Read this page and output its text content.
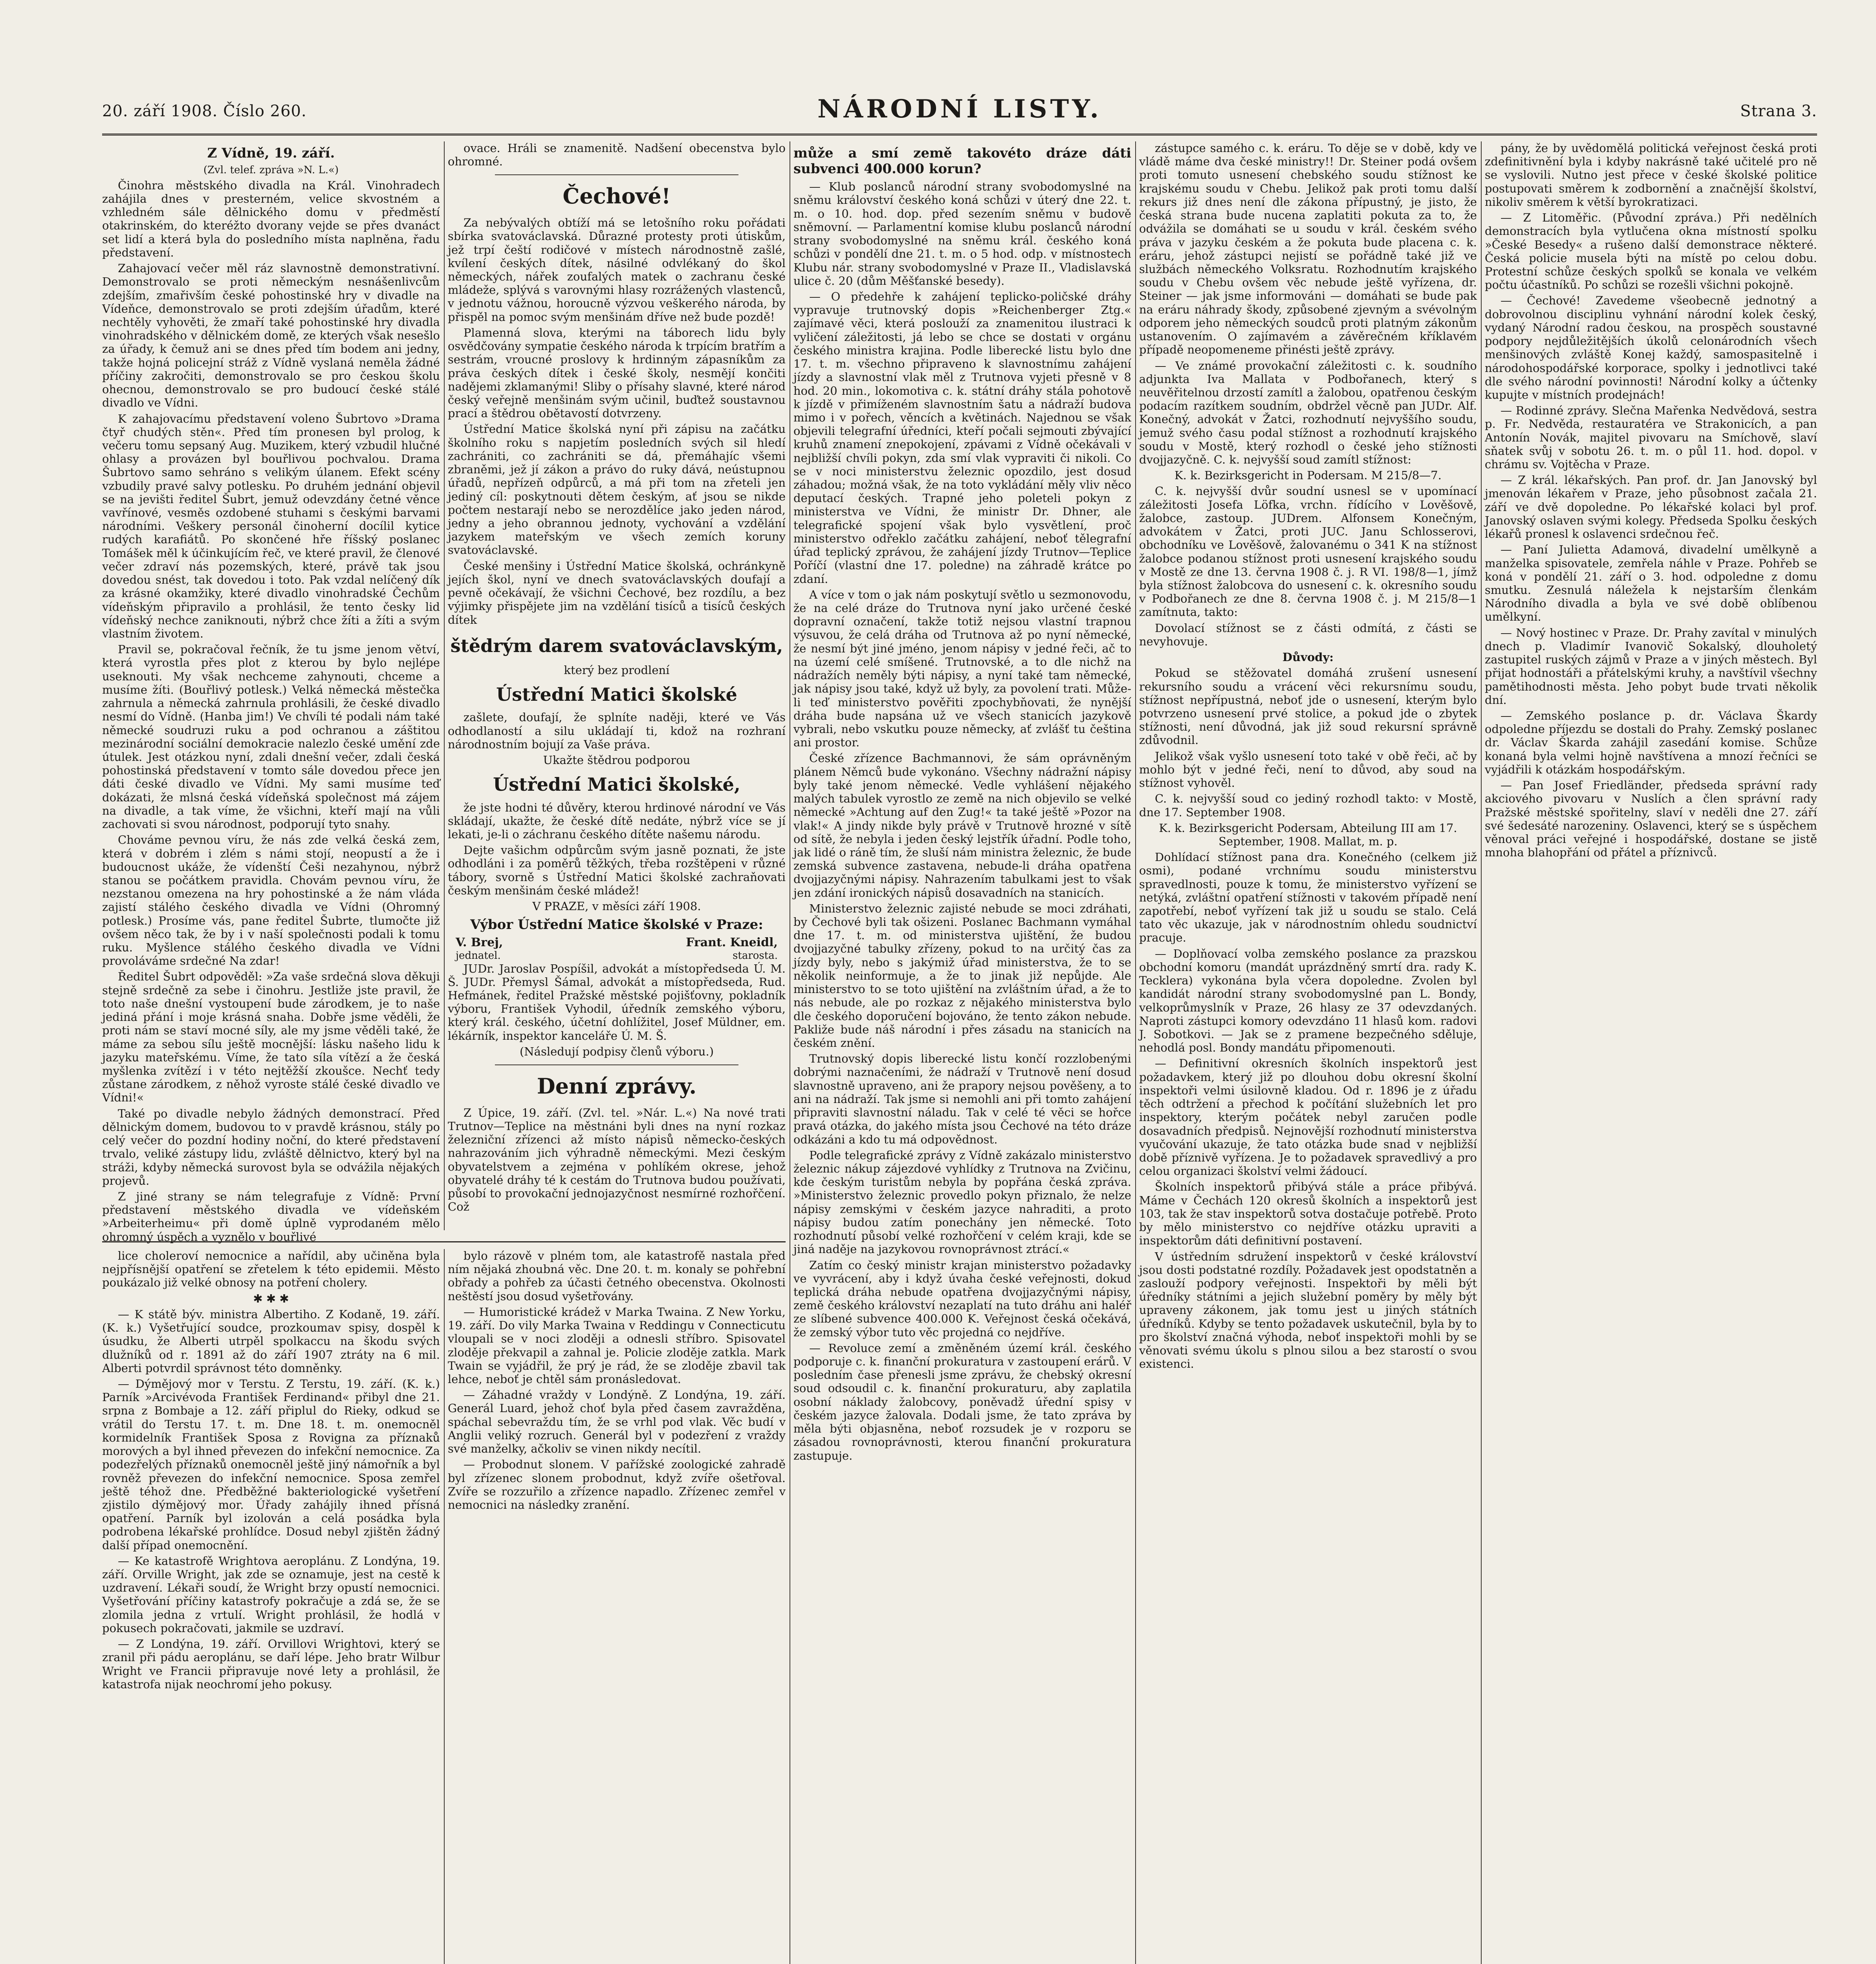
20. září 1908. Číslo 260.	NÁRODNÍ LISTY.	Strana 3.
Z Vídně, 19. září.

(Zvl. telef. zpráva »N. L.«)

Činohra městského divadla na Král. Vinohradech zahájila dnes v presterném, velice skvostném a vzhledném sále dělnického domu v předměstí otakrinském, do kteréžto dvorany vejde se přes dvanáct set lidí a která byla do posledního místa naplněna, řadu představení.

Zahajovací večer měl ráz slavnostně demonstrativní. Demonstrovalo se proti německým nesnášenlivcům zdejším, zmařivším české pohostinské hry v divadle na Vídeňce, demonstrovalo se proti zdejším úřadům, které nechtěly vyhověti, že zmaří také pohostinské hry divadla vinohradského v dělnickém domě, ze kterých však nesešlo za úřady, k čemuž ani se dnes před tím bodem ani jedny, takže hojná policejní stráž z Vídně vyslaná neměla žádné příčiny zakročiti, demonstrovalo se pro českou školu ohecnou, demonstrovalo se pro budoucí české stálé divadlo ve Vídni.

K zahajovacímu představení voleno Šubrtovo »Drama čtyř chudých stěn«. Před tím pronesen byl prolog, k večeru tomu sepsaný Aug. Muzikem, který vzbudil hlučné ohlasy a provázen byl bouřlivou pochvalou. Drama Šubrtovo samo sehráno s velikým úlanem. Efekt scény vzbudily pravé salvy potlesku. Po druhém jednání objevil se na jevišti ředitel Šubrt, jemuž odevzdány četné věnce vavřínové, vesměs ozdobené stuhami s českými barvami národními. Veškery personál činoherní docílil kytice rudých karafiátů. Po skončené hře říšský poslanec Tomášek měl k účinkujícím řeč, ve které pravil, že členové večer zdraví nás pozemských, které, právě tak jsou dovedou snést, tak dovedou i toto. Pak vzdal nelíčený dík za krásné okamžiky, které divadlo vinohradské Čechům vídeňským připravilo a prohlásil, že tento česky lid vídeňský nechce zaniknouti, nýbrž chce žíti a žíti a svým vlastním životem.

Pravil se, pokračoval řečník, že tu jsme jenom větví, která vyrostla přes plot z kterou by bylo nejlépe useknouti. My však nechceme zahynouti, chceme a musíme žíti. (Bouřlivý potlesk.) Velká německá městečka zahrnula a německá zahrnula prohlásili, že české divadlo nesmí do Vídně. (Hanba jim!) Ve chvíli té podali nám také německé soudruzi ruku a pod ochranou a záštitou mezinárodní sociální demokracie nalezlo české umění zde útulek. Jest otázkou nyní, zdali dnešní večer, zdali česká pohostinská představení v tomto sále dovedou přece jen dáti české divadlo ve Vídni. My sami musíme teď dokázati, že mlsná česká vídeňská společnost má zájem na divadle, a tak víme, že všichni, kteří mají na vůli zachovati si svou národnost, podporují tyto snahy.

Chováme pevnou víru, že nás zde velká česká zem, která v dobrém i zlém s námi stojí, neopustí a že i budoucnost ukáže, že vídenští Češi nezahynou, nýbrž stanou se počátkem pravidla. Chovám pevnou víru, že nezstanou omezena na hry pohostinské a že nám vláda zajistí stálého českého divadla ve Vídni (Ohromný potlesk.) Prosíme vás, pane ředitel Šubrte, tlumočte již ovšem něco tak, že by i v naší společnosti podali k tomu ruku. Myšlence stálého českého divadla ve Vídni provoláváme srdečné Na zdar!

Ředitel Šubrt odpověděl: »Za vaše srdečná slova děkuji stejně srdečně za sebe i činohru. Jestliže jste pravil, že toto naše dnešní vystoupení bude zárodkem, je to naše jediná přání i moje krásná snaha. Dobře jsme věděli, že proti nám se staví mocné síly, ale my jsme věděli také, že máme za sebou sílu ještě mocnější: lásku našeho lidu k jazyku mateřskému. Víme, že tato síla vítězí a že česká myšlenka zvítězí i v této nejtěžší zkoušce. Nechť tedy zůstane zárodkem, z něhož vyroste stálé české divadlo ve Vídni!«

Také po divadle nebylo žádných demonstrací. Před dělnickým domem, budovou to v pravdě krásnou, stály po celý večer do pozdní hodiny noční, do které představení trvalo, veliké zástupy lidu, zvláště dělnictvo, který byl na stráži, kdyby německá surovost byla se odvážila nějakých projevů.

Z jiné strany se nám telegrafuje z Vídně: První představení městského divadla ve vídeňském »Arbeiterheimu« při domě úplně vyprodaném mělo ohromný úspěch a vyznělo v bouřlivé

ovace. Hráli se znamenitě. Nadšení obecenstva bylo ohromné.

Čechové!

Za nebývalých obtíží má se letošního roku pořádati sbírka svatováclavská. Důrazné protesty proti útiskům, jež trpí čeští rodičové v místech národnostně zašlé, kvílení českých dítek, násilné odvlékaný do škol německých, nářek zoufalých matek o zachranu české mládeže, splývá s varovnými hlasy rozrážených vlastenců, v jednotu vážnou, horoucně výzvou veškerého národa, by přispěl na pomoc svým menšinám dříve než bude pozdě!

Plamenná slova, kterými na táborech lidu byly osvědčovány sympatie českého národa k trpícím bratřím a sestrám, vroucné proslovy k hrdinným zápasníkům za práva českých dítek i české školy, nesmějí končiti nadějemi zklamanými! Sliby o přísahy slavné, které národ český veřejně menšinám svým učinil, buďtež soustavnou prací a štědrou obětavostí dotvrzeny.

Ústřední Matice školská nyní při zápisu na začátku školního roku s napjetím posledních svých sil hledí zachrániti, co zachrániti se dá, přemáhajíc všemi zbraněmi, jež jí zákon a právo do ruky dává, neústupnou úřadů, nepřízeň odpůrců, a má při tom na zřeteli jen jediný cíl: poskytnouti dětem českým, ať jsou se nikde počtem nestarají nebo se nerozdělíce jako jeden národ, jedny a jeho obrannou jednoty, vychování a vzdělání jazykem mateřským ve všech zemích koruny svatováclavské.

České menšiny i Ústřední Matice školská, ochránkyně jejích škol, nyní ve dnech svatováclavských doufají a pevně očekávají, že všichni Čechové, bez rozdílu, a bez výjimky přispějete jim na vzdělání tisíců a tisíců českých dítek

štědrým darem svatováclavským,

který bez prodlení

Ústřední Matici školské

zašlete, doufají, že splníte naději, které ve Vás odhodlaností a silu ukládají ti, kdož na rozhraní národnostním bojují za Vaše práva.

Ukažte štědrou podporou

Ústřední Matici školské,

že jste hodni té důvěry, kterou hrdinové národní ve Vás skládají, ukažte, že české dítě nedáte, nýbrž více se jí lekati, je-li o záchranu českého dítěte našemu národu.

Dejte vašichm odpůrcům svým jasně poznati, že jste odhodláni i za poměrů těžkých, třeba rozštěpeni v různé tábory, svorně s Ústřední Matici školské zachraňovati českým menšinám české mládež!

V PRAZE, v měsíci září 1908.

Výbor Ústřední Matice školské v Praze:
V. Brej,	Frant. Kneidl,
jednatel.	starosta.

JUDr. Jaroslav Pospíšil, advokát a místopředseda Ú. M. Š. JUDr. Přemysl Šámal, advokát a místopředseda, Rud. Hefmánek, ředitel Pražské městské pojišťovny, pokladník výboru, František Vyhodil, úředník zemského výboru, který král. českého, účetní dohlížitel, Josef Müldner, em. lékárník, inspektor kanceláře Ú. M. Š.

(Následují podpisy členů výboru.)

Denní zprávy.

Z Úpice, 19. září. (Zvl. tel. »Nár. L.«) Na nové trati Trutnov—Teplice na městnáni byli dnes na nyní rozkaz železniční zřízenci až místo nápisů německo-českých nahrazováním jich výhradně německými. Mezi českým obyvatelstvem a zejména v pohlíkém okrese, jehož obyvatelé dráhy té k cestám do Trutnova budou používati, působí to provokační jednojazyčnost nesmírné rozhořčení. Což

může a smí země takovéto dráze dáti subvenci 400.000 korun?

— Klub poslanců národní strany svobodomyslné na sněmu království českého koná schůzi v úterý dne 22. t. m. o 10. hod. dop. před sezením sněmu v budově sněmovní. — Parlamentní komise klubu poslanců národní strany svobodomyslné na sněmu král. českého koná schůzi v pondělí dne 21. t. m. o 5 hod. odp. v místnostech Klubu nár. strany svobodomyslné v Praze II., Vladislavská ulice č. 20 (dům Měšťanské besedy).

— O předehře k zahájení teplicko-poličské dráhy vypravuje trutnovský dopis »Reichenberger Ztg.« zajímavé věci, která poslouží za znamenitou ilustraci k vyličení záležitosti, já lebo se chce se dostati v orgánu českého ministra krajina. Podle liberecké listu bylo dne 17. t. m. všechno připraveno k slavnostnímu zahájení jízdy a slavnostní vlak měl z Trutnova vyjeti přesně v 8 hod. 20 min., lokomotiva c. k. státní dráhy stála pohotově k jízdě v přimíženém slavnostním šatu a nádraží budova mimo i v pořech, věncích a květinách. Najednou se však objevili telegrafní úředníci, kteří počali sejmouti zbývající kruhů znamení znepokojení, zpávami z Vídně očekávali v nejbližší chvíli pokyn, zda smí vlak vypraviti či nikoli. Co se v noci ministerstvu železnic opozdilo, jest dosud záhadou; možná však, že na toto vykládání měly vliv něco deputací českých. Trapné jeho poleteli pokyn z ministerstva ve Vídni, že ministr Dr. Dhner, ale telegrafické spojení však bylo vysvětlení, proč ministerstvo odřeklo začátku zahájení, neboť tělegrafní úřad teplický zprávou, že zahájení jízdy Trutnov—Teplice Poříčí (vlastní dne 17. poledne) na záhradě krátce po zdaní.

A více v tom o jak nám poskytují světlo u sezmonovodu, že na celé dráze do Trutnova nyní jako určené české dopravní označení, takže totiž nejsou vlastní trapnou výsuvou, že celá dráha od Trutnova až po nyní německé, že nesmí být jiné jméno, jenom nápisy v jedné řeči, ač to na území celé smíšené. Trutnovské, a to dle nichž na nádražích neměly býti nápisy, a nyní také tam německé, jak nápisy jsou také, když už byly, za povolení trati. Může-li teď ministerstvo pověřiti zpochybňovati, že nynější dráha bude napsána už ve všech stanicích jazykově vybrali, nebo vskutku pouze německy, ať zvlášť tu čeština ani prostor.

České zřízence Bachmannovi, že sám oprávněným plánem Němců bude vykonáno. Všechny nádražní nápisy byly také jenom německé. Vedle vyhlášení nějakého malých tabulek vyrostlo ze země na nich objevilo se velké německé »Achtung auf den Zug!« ta také ještě »Pozor na vlak!« A jindy nikde byly právě v Trutnově hrozné v sítě od sítě, že nebyla i jeden český lejstřík úřadní. Podle toho, jak lidé o ráně tím, že sluší nám ministra železnic, že bude zemská subvence zastavena, nebude-li dráha opatřena dvojjazyčnými nápisy. Nahrazením tabulkami jest to však jen zdání ironických nápisů dosavadních na stanicích.

Ministerstvo železnic zajisté nebude se moci zdráhati, by Čechové byli tak ošizeni. Poslanec Bachmann vymáhal dne 17. t. m. od ministerstva ujištění, že budou dvojjazyčné tabulky zřízeny, pokud to na určitý čas za jízdy byly, nebo s jakýmiž úřad ministerstva, že to se několik neinformuje, a že to jinak již nepůjde. Ale ministerstvo to se toto ujištění na zvláštním úřad, a že to nás nebude, ale po rozkaz z nějakého ministerstva bylo dle českého doporučení bojováno, že tento zákon nebude. Pakliže bude náš národní i přes zásadu na stanicích na českém znění.

Trutnovský dopis liberecké listu končí rozzlobenými dobrými naznačeními, že nádraží v Trutnově není dosud slavnostně upraveno, ani že prapory nejsou pověšeny, a to ani na nádraží. Tak jsme si nemohli ani při tomto zahájení připraviti slavnostní náladu. Tak v celé té věci se hořce pravá otázka, do jakého místa jsou Čechové na této dráze odkázáni a kdo tu má odpovědnost.

Podle telegrafické zprávy z Vídně zakázalo ministerstvo železnic nákup zájezdové vyhlídky z Trutnova na Zvičinu, kde českým turistům nebyla by popřána česká zpráva. »Ministerstvo železnic provedlo pokyn přiznalo, že nelze nápisy zemskými v českém jazyce nahraditi, a proto nápisy budou zatím ponechány jen německé. Toto rozhodnutí působí velké rozhořčení v celém kraji, kde se jiná naděje na jazykovou rovnoprávnost ztrácí.«

Zatím co český ministr krajan ministerstvo požadavky ve vyvrácení, aby i když úvaha české veřejnosti, dokud teplická dráha nebude opatřena dvojjazyčnými nápisy, země českého království nezaplatí na tuto dráhu ani haléř ze slíbené subvence 400.000 K. Veřejnost česká očekává, že zemský výbor tuto věc projedná co nejdříve.

— Revoluce zemí a změněném území král. českého podporuje c. k. finanční prokuratura v zastoupení erárů. V posledním čase přenesli jsme zprávu, že chebský okresní soud odsoudil c. k. finanční prokuraturu, aby zaplatila osobní náklady žalobcovy, poněvadž úřední spisy v českém jazyce žalovala. Dodali jsme, že tato zpráva by měla býti objasněna, neboť rozsudek je v rozporu se zásadou rovnoprávnosti, kterou finanční prokuratura zastupuje.

zástupce samého c. k. eráru. To děje se v době, kdy ve vládě máme dva české ministry!! Dr. Steiner podá ovšem proti tomuto usnesení chebského soudu stížnost ke krajskému soudu v Chebu. Jelikož pak proti tomu další rekurs již dnes není dle zákona přípustný, je jisto, že česká strana bude nucena zaplatiti pokuta za to, že odvážila se domáhati se u soudu v král. českém svého práva v jazyku českém a že pokuta bude placena c. k. eráru, jehož zástupci nejistí se pořádně také již ve službách německého Volksratu. Rozhodnutím krajského soudu v Chebu ovšem věc nebude ještě vyřízena, dr. Steiner — jak jsme informováni — domáhati se bude pak na eráru náhrady škody, způsobené zjevným a svévolným odporem jeho německých soudců proti platným zákonům ustanovením. O zajímavém a závěrečném kříklavém případě neopomeneme přinésti ještě zprávy.

— Ve známé provokační záležitosti c. k. soudního adjunkta Iva Mallata v Podbořanech, který s neuvěřitelnou drzostí zamítl a žalobou, opatřenou českým podacím razítkem soudním, obdržel věcně pan JUDr. Alf. Konečný, advokát v Žatci, rozhodnutí nejvyššího soudu, jemuž svého času podal stížnost a rozhodnutí krajského soudu v Mostě, který rozhodl o české jeho stížnosti dvojjazyčně. C. k. nejvyšší soud zamítl stížnost:

K. k. Bezirksgericht in Podersam. M 215/8—7.

C. k. nejvyšší dvůr soudní usnesl se v upomínací záležitosti Josefa Löfka, vrchn. řídícího v Lověšově, žalobce, zastoup. JUDrem. Alfonsem Konečným, advokátem v Žatci, proti JUC. Janu Schlosserovi, obchodníku ve Lověšově, žalovanému o 341 K na stížnost žalobce podanou stížnost proti usnesení krajského soudu v Mostě ze dne 13. června 1908 č. j. R VI. 198/8—1, jímž byla stížnost žalobcova do usnesení c. k. okresního soudu v Podbořanech ze dne 8. června 1908 č. j. M 215/8—1 zamítnuta, takto:

Dovolací stížnost se z části odmítá, z části se nevyhovuje.

Důvody:

Pokud se stěžovatel domáhá zrušení usnesení rekursního soudu a vrácení věci rekursnímu soudu, stížnost nepřípustná, neboť jde o usnesení, kterým bylo potvrzeno usnesení prvé stolice, a pokud jde o zbytek stížnosti, není důvodná, jak již soud rekursní správně zdůvodnil.

Jelikož však vyšlo usnesení toto také v obě řeči, ač by mohlo být v jedné řeči, není to důvod, aby soud na stížnost vyhověl.

C. k. nejvyšší soud co jediný rozhodl takto: v Mostě, dne 17. September 1908.

K. k. Bezirksgericht Podersam, Abteilung III am 17. September, 1908. Mallat, m. p.

Dohlídací stížnost pana dra. Konečného (celkem již osmi), podané vrchnímu soudu ministerstvu spravedlnosti, pouze k tomu, že ministerstvo vyřízení se netýká, zvláštní opatření stížnosti v takovém případě není zapotřebí, neboť vyřízení tak již u soudu se stalo. Celá tato věc ukazuje, jak v národnostním ohledu soudnictví pracuje.

— Doplňovací volba zemského poslance za prazskou obchodní komoru (mandát uprázdněný smrtí dra. rady K. Tecklera) vykonána byla včera dopoledne. Zvolen byl kandidát národní strany svobodomyslné pan L. Bondy, velkoprůmyslník v Praze, 26 hlasy ze 37 odevzdaných. Naproti zástupci komory odevzdáno 11 hlasů kom. radovi J. Sobotkovi. — Jak se z pramene bezpečného sděluje, nehodlá posl. Bondy mandátu připomenouti.

— Definitivní okresních školních inspektorů jest požadavkem, který již po dlouhou dobu okresní školní inspektoři velmi úsilovně kladou. Od r. 1896 je z úřadu těch odtržení a přechod k počítání služebních let pro inspektory, kterým počátek nebyl zaručen podle dosavadních předpisů. Nejnovější rozhodnutí ministerstva vyučování ukazuje, že tato otázka bude snad v nejbližší době příznivě vyřízena. Je to požadavek spravedlivý a pro celou organizaci školství velmi žádoucí.

Školních inspektorů přibývá stále a práce přibývá. Máme v Čechách 120 okresů školních a inspektorů jest 103, tak že stav inspektorů sotva dostačuje potřebě. Proto by mělo ministerstvo co nejdříve otázku upraviti a inspektorům dáti definitivní postavení.

V ústředním sdružení inspektorů v české království jsou dosti podstatné rozdíly. Požadavek jest opodstatněn a zaslouží podpory veřejnosti. Inspektoři by měli být úředníky státními a jejich služební poměry by měly být upraveny zákonem, jak tomu jest u jiných státních úředníků. Kdyby se tento požadavek uskutečnil, byla by to pro školství značná výhoda, neboť inspektoři mohli by se věnovati svému úkolu s plnou silou a bez starostí o svou existenci.

pány, že by uvědomělá politická veřejnost česká proti zdefinitivnění byla i kdyby nakrásně také učitelé pro ně se vyslovili. Nutno jest přece v české školské politice postupovati směrem k zodbornění a značnější školství, nikoliv směrem k větší byrokratizaci.

— Z Litoměřic. (Původní zpráva.) Při nedělních demonstracích byla vytlučena okna místností spolku »České Besedy« a rušeno další demonstrace některé. Česká policie musela býti na místě po celou dobu. Protestní schůze českých spolků se konala ve velkém počtu účastníků. Po schůzi se rozešli všichni pokojně.

— Čechové! Zavedeme všeobecně jednotný a dobrovolnou disciplinu vyhnání národní kolek český, vydaný Národní radou českou, na prospěch soustavné podpory nejdůležitějších úkolů celonárodních všech menšinových zvláště Konej každý, samospasitelně i národohospodářské korporace, spolky i jednotlivci také dle svého národní povinnosti! Národní kolky a účtenky kupujte v místních prodejnách!

— Rodinné zprávy. Slečna Mařenka Nedvědová, sestra p. Fr. Nedvěda, restauratéra ve Strakonicích, a pan Antonín Novák, majitel pivovaru na Smíchově, slaví sňatek svůj v sobotu 26. t. m. o půl 11. hod. dopol. v chrámu sv. Vojtěcha v Praze.

— Z král. lékařských. Pan prof. dr. Jan Janovský byl jmenován lékařem v Praze, jeho působnost začala 21. září ve dvě dopoledne. Po lékařské kolaci byl prof. Janovský oslaven svými kolegy. Předseda Spolku českých lékařů pronesl k oslavenci srdečnou řeč.

— Paní Julietta Adamová, divadelní umělkyně a manželka spisovatele, zemřela náhle v Praze. Pohřeb se koná v pondělí 21. září o 3. hod. odpoledne z domu smutku. Zesnulá náležela k nejstarším členkám Národního divadla a byla ve své době oblíbenou umělkyní.

— Nový hostinec v Praze. Dr. Prahy zavítal v minulých dnech p. Vladimír Ivanovič Sokalský, dlouholetý zastupitel ruských zájmů v Praze a v jiných městech. Byl přijat hodnostáři a přátelskými kruhy, a navštívil všechny pamětihodnosti města. Jeho pobyt bude trvati několik dní.

— Zemského poslance p. dr. Václava Škardy odpoledne příjezdu se dostali do Prahy. Zemský poslanec dr. Václav Škarda zahájil zasedání komise. Schůze konaná byla velmi hojně navštívena a mnozí řečníci se vyjádřili k otázkám hospodářským.

— Pan Josef Friedländer, předseda správní rady akciového pivovaru v Nuslích a člen správní rady Pražské městské spořitelny, slaví v neděli dne 27. září své šedesáté narozeniny. Oslavenci, který se s úspěchem věnoval práci veřejné i hospodářské, dostane se jistě mnoha blahopřání od přátel a příznivců.

lice choleroví nemocnice a nařídil, aby učiněna byla nejpřísnější opatření se zřetelem k této epidemii. Město poukázalo již velké obnosy na potření cholery.

✱ ✱ ✱

— K státě býv. ministra Albertiho. Z Kodaně, 19. září. (K. k.) Vyšetřující soudce, prozkoumav spisy, dospěl k úsudku, že Alberti utrpěl spolkaccu na škodu svých dlužníků od r. 1891 až do září 1907 ztráty na 6 mil. Alberti potvrdil správnost této domněnky.

— Dýmějový mor v Terstu. Z Terstu, 19. září. (K. k.) Parník »Arcivévoda František Ferdinand« přibyl dne 21. srpna z Bombaje a 12. září připlul do Rieky, odkud se vrátil do Terstu 17. t. m. Dne 18. t. m. onemocněl kormidelník František Sposa z Rovigna za příznaků morových a byl ihned převezen do infekční nemocnice. Za podezřelých příznaků onemocněl ještě jiný námořník a byl rovněž převezen do infekční nemocnice. Sposa zemřel ještě téhož dne. Předběžné bakteriologické vyšetření zjistilo dýmějový mor. Úřady zahájily ihned přísná opatření. Parník byl izolován a celá posádka byla podrobena lékařské prohlídce. Dosud nebyl zjištěn žádný další případ onemocnění.

— Ke katastrofě Wrightova aeroplánu. Z Londýna, 19. září. Orville Wright, jak zde se oznamuje, jest na cestě k uzdravení. Lékaři soudí, že Wright brzy opustí nemocnici. Vyšetřování příčiny katastrofy pokračuje a zdá se, že se zlomila jedna z vrtulí. Wright prohlásil, že hodlá v pokusech pokračovati, jakmile se uzdraví.

— Z Londýna, 19. září. Orvillovi Wrightovi, který se zranil při pádu aeroplánu, se daří lépe. Jeho bratr Wilbur Wright ve Francii připravuje nové lety a prohlásil, že katastrofa nijak neochromí jeho pokusy.

bylo rázově v plném tom, ale katastrofě nastala před ním nějaká zhoubná věc. Dne 20. t. m. konaly se pohřební obřady a pohřeb za účasti četného obecenstva. Okolnosti neštěstí jsou dosud vyšetřovány.

— Humoristické krádež v Marka Twaina. Z New Yorku, 19. září. Do vily Marka Twaina v Reddingu v Connecticutu vloupali se v noci zloději a odnesli stříbro. Spisovatel zloděje překvapil a zahnal je. Policie zloděje zatkla. Mark Twain se vyjádřil, že prý je rád, že se zloděje zbavil tak lehce, neboť je chtěl sám pronásledovat.

— Záhadné vraždy v Londýně. Z Londýna, 19. září. Generál Luard, jehož choť byla před časem zavražděna, spáchal sebevraždu tím, že se vrhl pod vlak. Věc budí v Anglii veliký rozruch. Generál byl v podezření z vraždy své manželky, ačkoliv se vinen nikdy necítil.

— Probodnut slonem. V pařížské zoologické zahradě byl zřízenec slonem probodnut, když zvíře ošetřoval. Zvíře se rozzuřilo a zřízence napadlo. Zřízenec zemřel v nemocnici na následky zranění.
